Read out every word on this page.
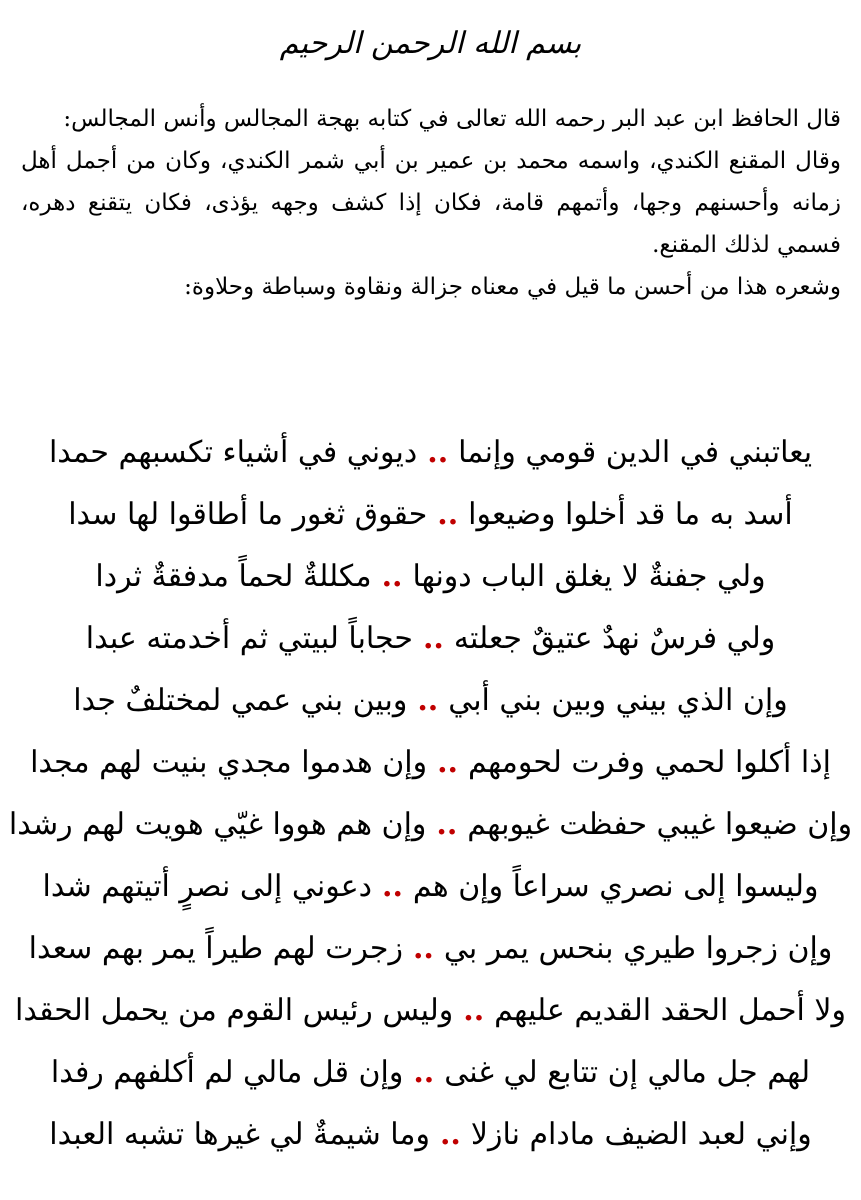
بسم الله الرحمن الرحيم

قال الحافظ ابن عبد البر رحمه الله تعالى في كتابه بهجة المجالس وأنس المجالس:

وقال المقنع الكندي، واسمه محمد بن عمير بن أبي شمر الكندي، وكان من أجمل أهل زمانه وأحسنهم وجها، وأتمهم قامة، فكان إذا كشف وجهه يؤذى، فكان يتقنع دهره، فسمي لذلك المقنع.

وشعره هذا من أحسن ما قيل في معناه جزالة ونقاوة وسباطة وحلاوة:

يعاتبني في الدين قومي وإنما..ديوني في أشياء تكسبهم حمدا
أسد به ما قد أخلوا وضيعوا..حقوق ثغور ما أطاقوا لها سدا
ولي جفنةٌ لا يغلق الباب دونها..مكللةٌ لحماً مدفقةٌ ثردا
ولي فرسٌ نهدٌ عتيقٌ جعلته..حجاباً لبيتي ثم أخدمته عبدا
وإن الذي بيني وبين بني أبي..وبين بني عمي لمختلفٌ جدا
إذا أكلوا لحمي وفرت لحومهم..وإن هدموا مجدي بنيت لهم مجدا
وإن ضيعوا غيبي حفظت غيوبهم..وإن هم هووا غيّي هويت لهم رشدا
وليسوا إلى نصري سراعاً وإن هم..دعوني إلى نصرٍ أتيتهم شدا
وإن زجروا طيري بنحس يمر بي..زجرت لهم طيراً يمر بهم سعدا
ولا أحمل الحقد القديم عليهم..وليس رئيس القوم من يحمل الحقدا
لهم جل مالي إن تتابع لي غنى..وإن قل مالي لم أكلفهم رفدا
وإني لعبد الضيف مادام نازلا..وما شيمةٌ لي غيرها تشبه العبدا
